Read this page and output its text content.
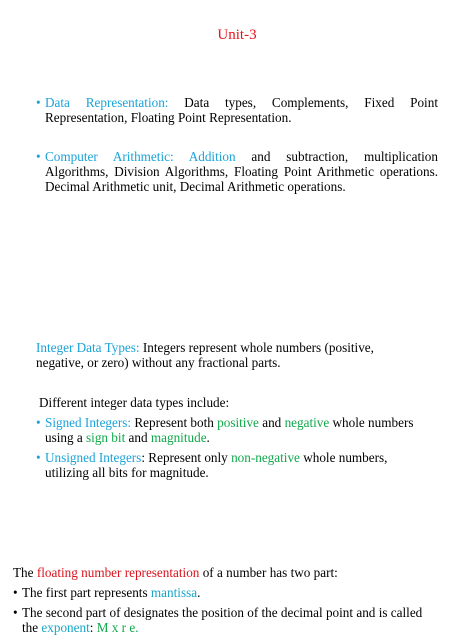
Unit-3
• Data Representation: Data types, Complements, Fixed Point Representation, Floating Point Representation.
• Computer Arithmetic: Addition and subtraction, multiplication Algorithms, Division Algorithms, Floating Point Arithmetic operations. Decimal Arithmetic unit, Decimal Arithmetic operations.

Integer Data Types: Integers represent whole numbers (positive, negative, or zero) without any fractional parts.

Different integer data types include:

• Signed Integers: Represent both positive and negative whole numbers using a sign bit and magnitude.
• Unsigned Integers: Represent only non-negative whole numbers, utilizing all bits for magnitude.

The floating number representation of a number has two part:

• The first part represents mantissa.
• The second part of designates the position of the decimal point and is called the exponent: M x r e.
